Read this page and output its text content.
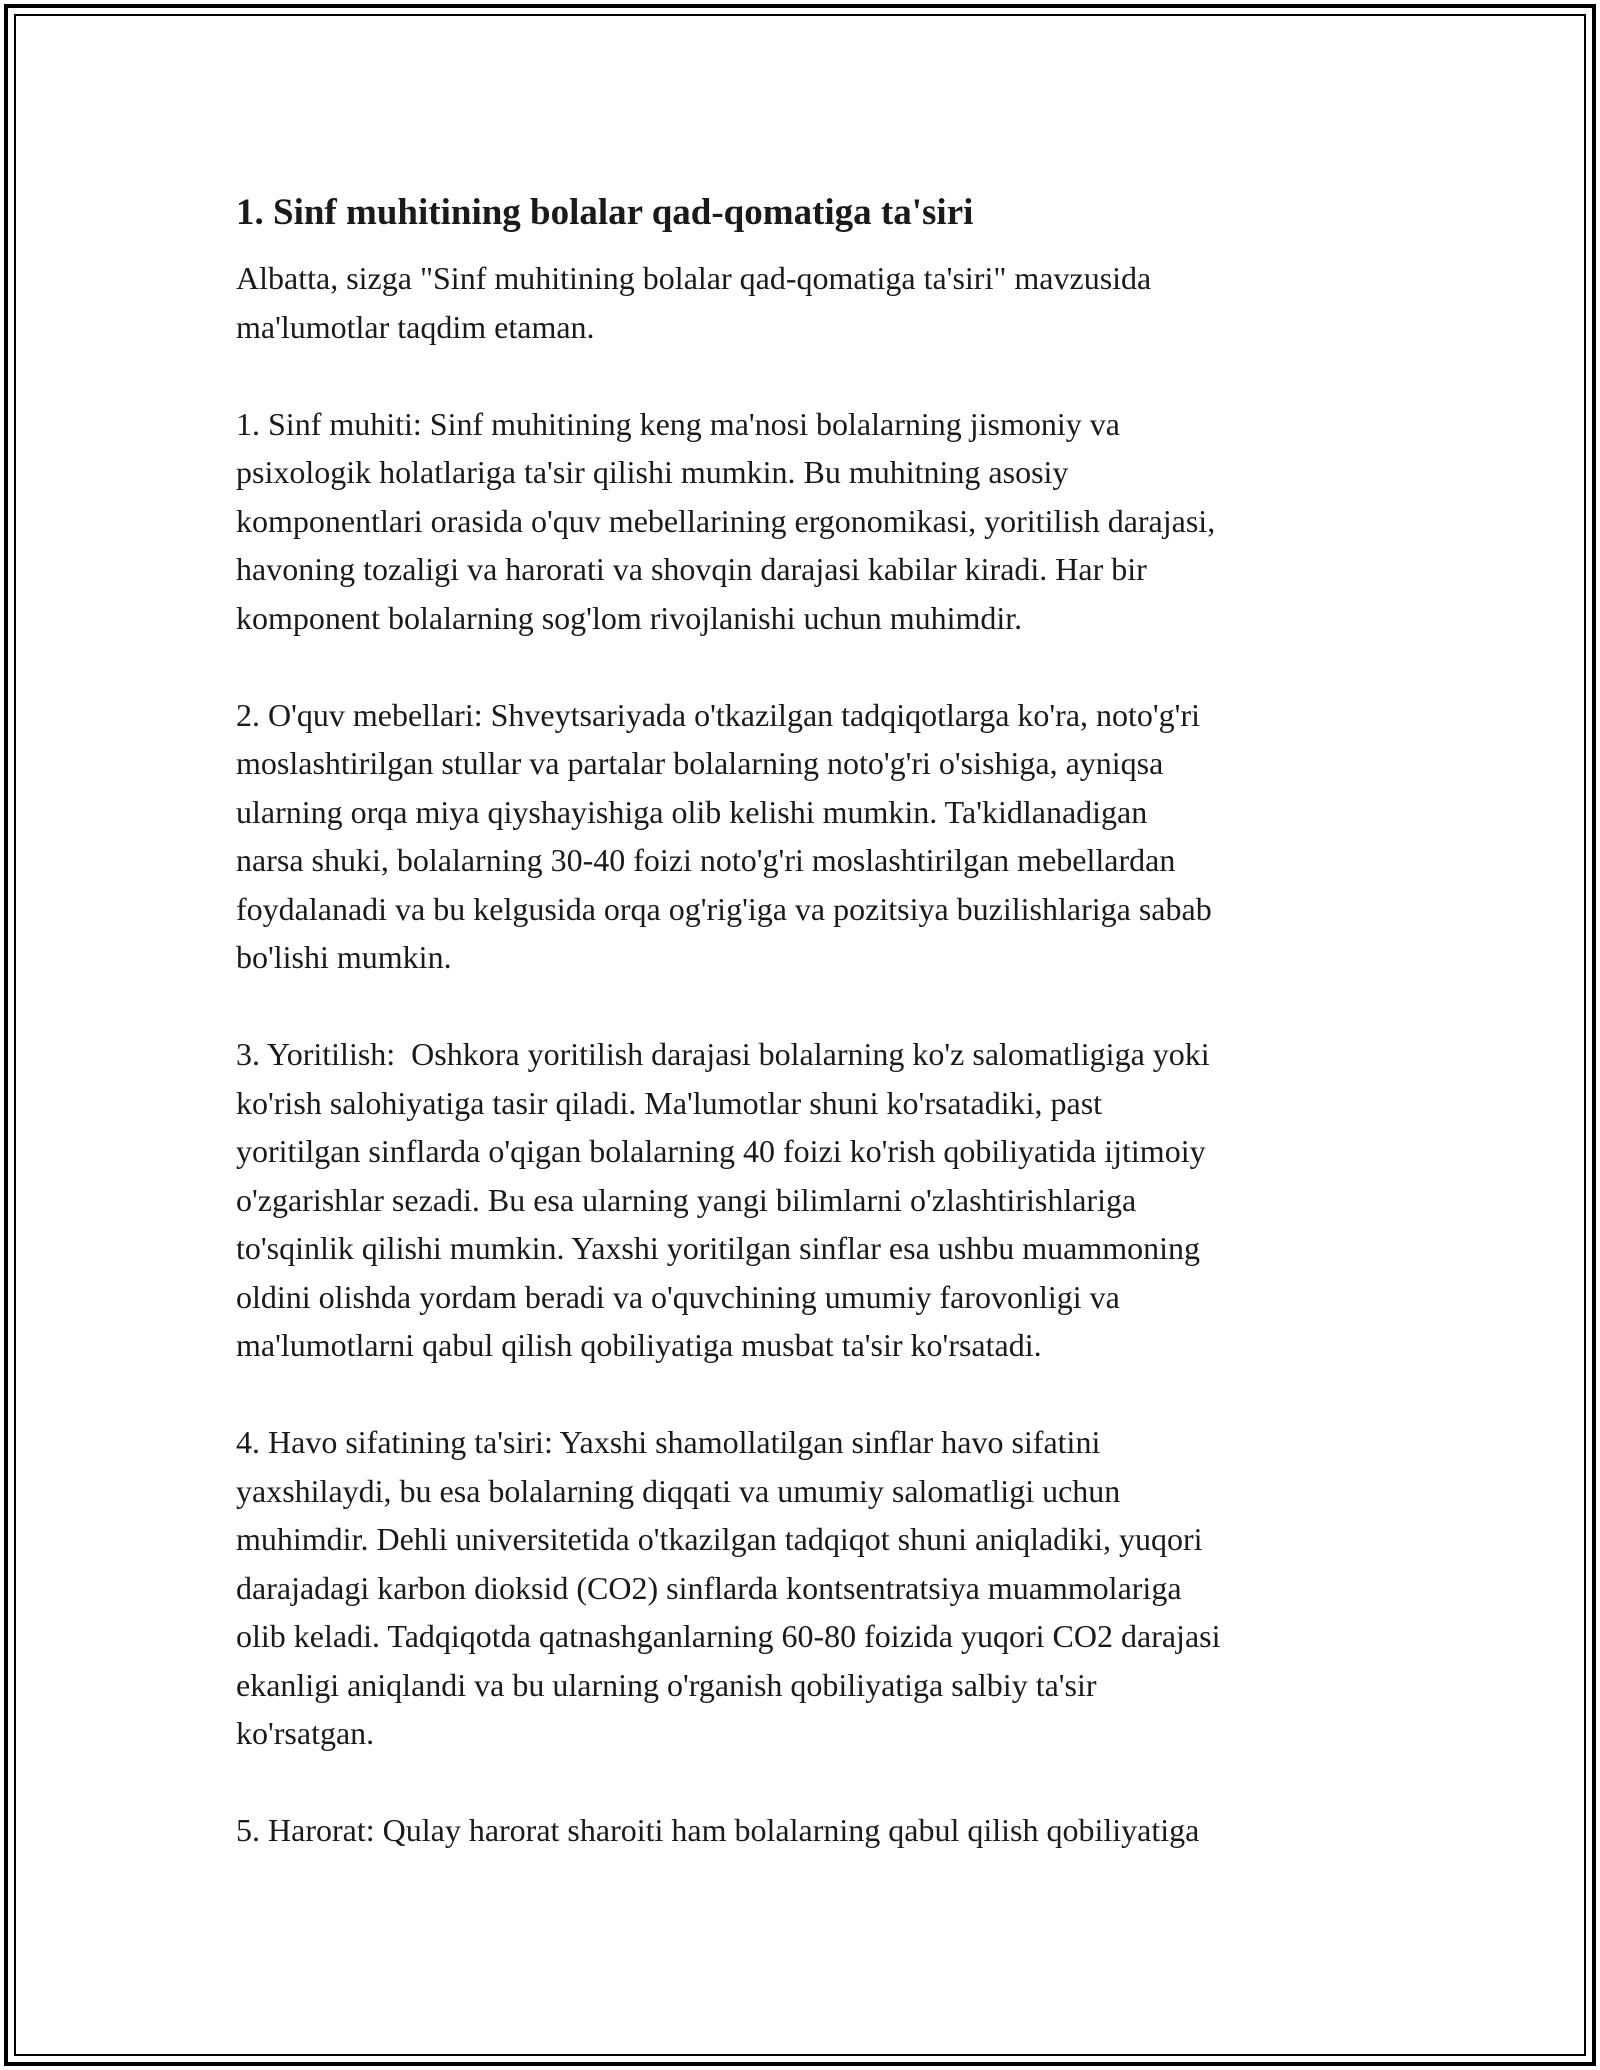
1. Sinf muhitining bolalar qad-qomatiga ta'siri

Albatta, sizga "Sinf muhitining bolalar qad-qomatiga ta'siri" mavzusida
ma'lumotlar taqdim etaman.

1. Sinf muhiti: Sinf muhitining keng ma'nosi bolalarning jismoniy va
psixologik holatlariga ta'sir qilishi mumkin. Bu muhitning asosiy
komponentlari orasida o'quv mebellarining ergonomikasi, yoritilish darajasi,
havoning tozaligi va harorati va shovqin darajasi kabilar kiradi. Har bir
komponent bolalarning sog'lom rivojlanishi uchun muhimdir.

2. O'quv mebellari: Shveytsariyada o'tkazilgan tadqiqotlarga ko'ra, noto'g'ri
moslashtirilgan stullar va partalar bolalarning noto'g'ri o'sishiga, ayniqsa
ularning orqa miya qiyshayishiga olib kelishi mumkin. Ta'kidlanadigan
narsa shuki, bolalarning 30-40 foizi noto'g'ri moslashtirilgan mebellardan
foydalanadi va bu kelgusida orqa og'rig'iga va pozitsiya buzilishlariga sabab
bo'lishi mumkin.

3. Yoritilish:  Oshkora yoritilish darajasi bolalarning ko'z salomatligiga yoki
ko'rish salohiyatiga tasir qiladi. Ma'lumotlar shuni ko'rsatadiki, past
yoritilgan sinflarda o'qigan bolalarning 40 foizi ko'rish qobiliyatida ijtimoiy
o'zgarishlar sezadi. Bu esa ularning yangi bilimlarni o'zlashtirishlariga
to'sqinlik qilishi mumkin. Yaxshi yoritilgan sinflar esa ushbu muammoning
oldini olishda yordam beradi va o'quvchining umumiy farovonligi va
ma'lumotlarni qabul qilish qobiliyatiga musbat ta'sir ko'rsatadi.

4. Havo sifatining ta'siri: Yaxshi shamollatilgan sinflar havo sifatini
yaxshilaydi, bu esa bolalarning diqqati va umumiy salomatligi uchun
muhimdir. Dehli universitetida o'tkazilgan tadqiqot shuni aniqladiki, yuqori
darajadagi karbon dioksid (CO2) sinflarda kontsentratsiya muammolariga
olib keladi. Tadqiqotda qatnashganlarning 60-80 foizida yuqori CO2 darajasi
ekanligi aniqlandi va bu ularning o'rganish qobiliyatiga salbiy ta'sir
ko'rsatgan.

5. Harorat: Qulay harorat sharoiti ham bolalarning qabul qilish qobiliyatiga
